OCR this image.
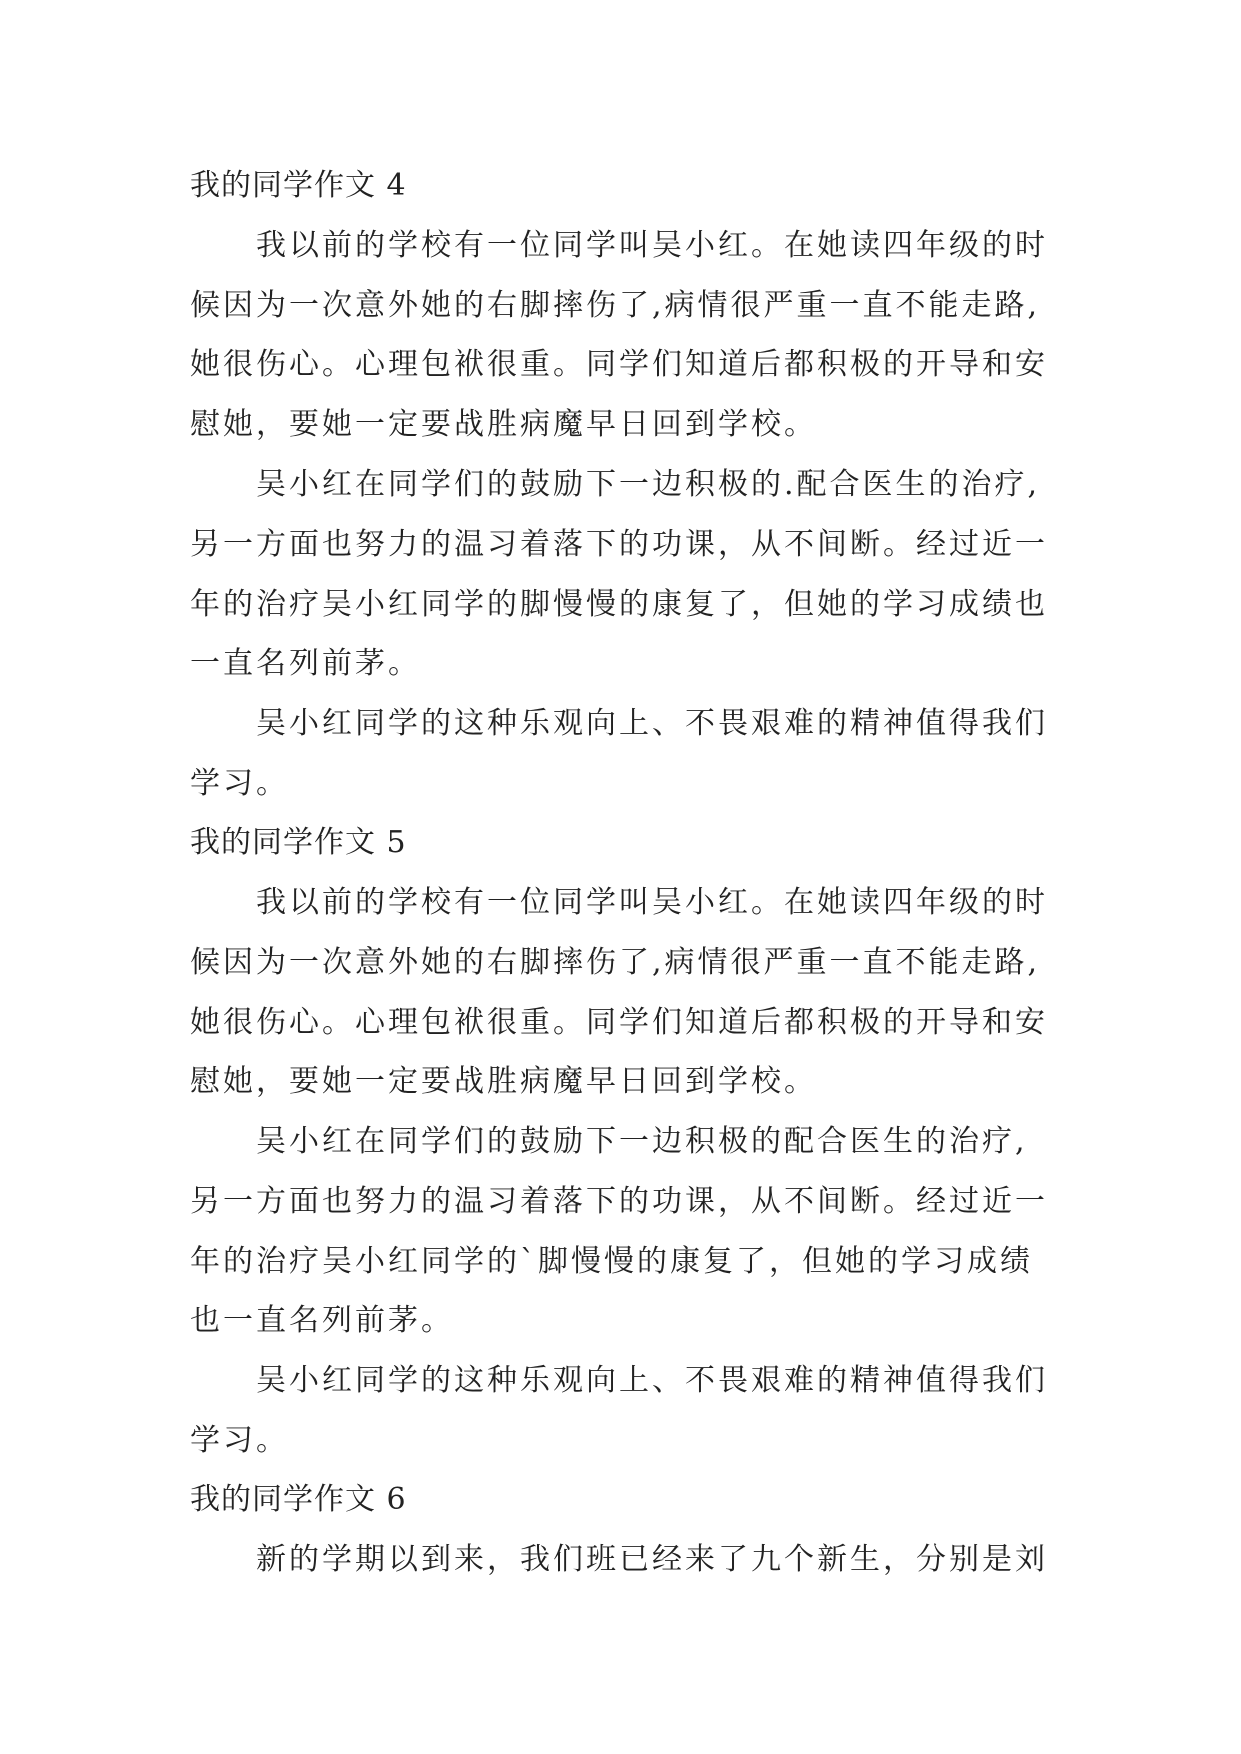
我的同学作文 4
我以前的学校有一位同学叫吴小红。在她读四年级的时
候因为一次意外她的右脚摔伤了,病情很严重一直不能走路,
她很伤心。心理包袱很重。同学们知道后都积极的开导和安
慰她，要她一定要战胜病魔早日回到学校。
吴小红在同学们的鼓励下一边积极的.配合医生的治疗,
另一方面也努力的温习着落下的功课，从不间断。经过近一
年的治疗吴小红同学的脚慢慢的康复了，但她的学习成绩也
一直名列前茅。
吴小红同学的这种乐观向上、不畏艰难的精神值得我们
学习。
我的同学作文 5
我以前的学校有一位同学叫吴小红。在她读四年级的时
候因为一次意外她的右脚摔伤了,病情很严重一直不能走路,
她很伤心。心理包袱很重。同学们知道后都积极的开导和安
慰她，要她一定要战胜病魔早日回到学校。
吴小红在同学们的鼓励下一边积极的配合医生的治疗,
另一方面也努力的温习着落下的功课，从不间断。经过近一
年的治疗吴小红同学的`脚慢慢的康复了，但她的学习成绩
也一直名列前茅。
吴小红同学的这种乐观向上、不畏艰难的精神值得我们
学习。
我的同学作文 6
新的学期以到来，我们班已经来了九个新生，分别是刘
